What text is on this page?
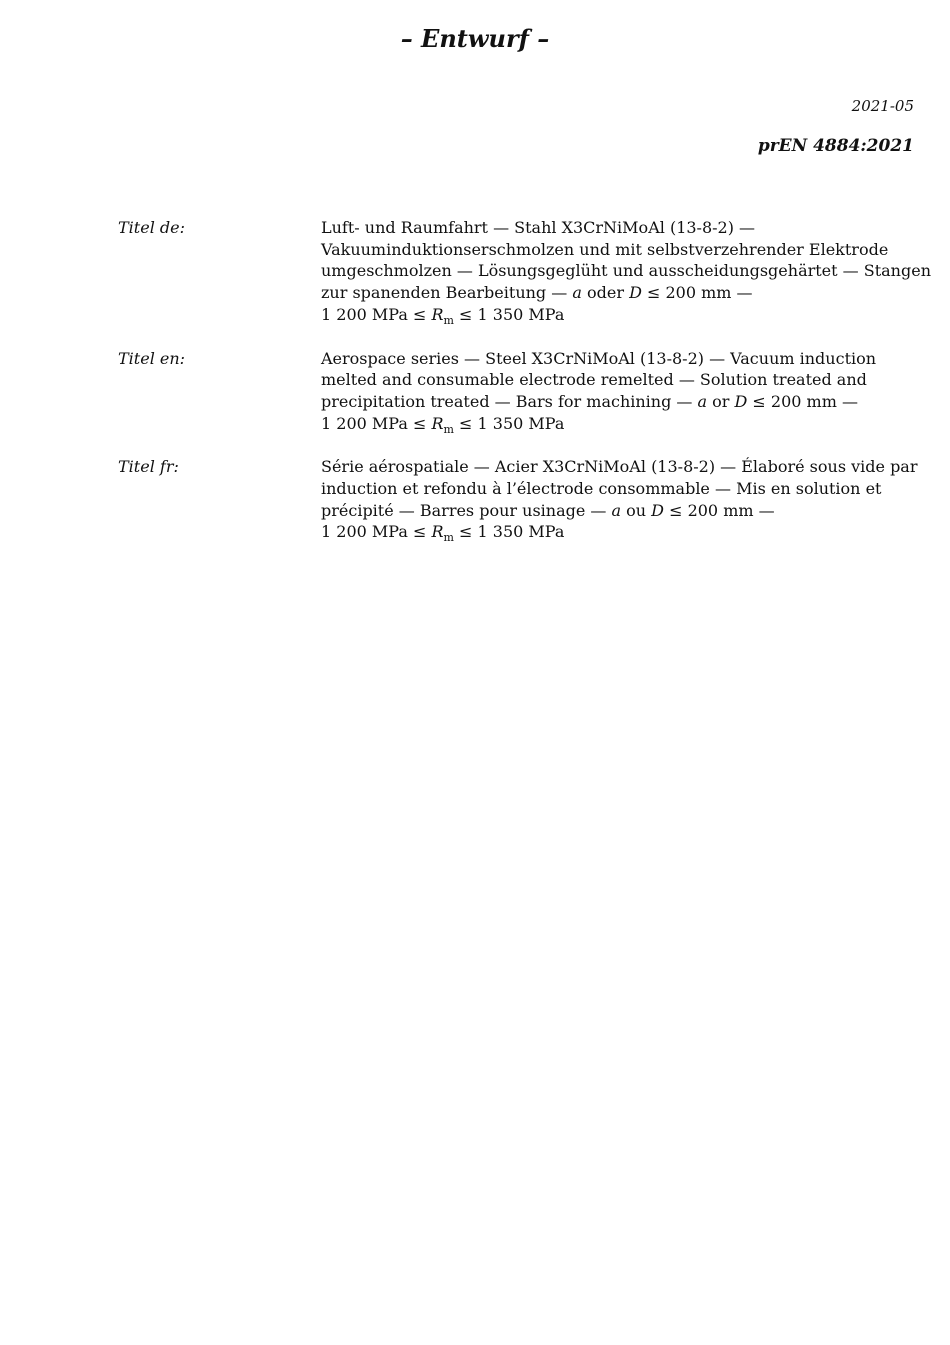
– Entwurf –
2021-05
prEN 4884:2021
Titel de:	Luft- und Raumfahrt — Stahl X3CrNiMoAl (13-8-2) —
Vakuuminduktionserschmolzen und mit selbstverzehrender Elektrode
umgeschmolzen — Lösungsgeglüht und ausscheidungsgehärtet — Stangen
zur spanenden Bearbeitung — a oder D ≤ 200 mm —
1 200 MPa ≤ $R_m \le 1$ 350 MPa
Titel en:	Aerospace series — Steel X3CrNiMoAl (13-8-2) — Vacuum induction
melted and consumable electrode remelted — Solution treated and
precipitation treated — Bars for machining — a or D ≤ 200 mm —
1 200 MPa ≤ $R_m \le 1$ 350 MPa
Titel fr:	Série aérospatiale — Acier X3CrNiMoAl (13-8-2) — Élaboré sous vide par
induction et refondu à l’électrode consommable — Mis en solution et
précipité — Barres pour usinage — a ou D ≤ 200 mm —
1 200 MPa ≤ $R_m \le 1$ 350 MPa
